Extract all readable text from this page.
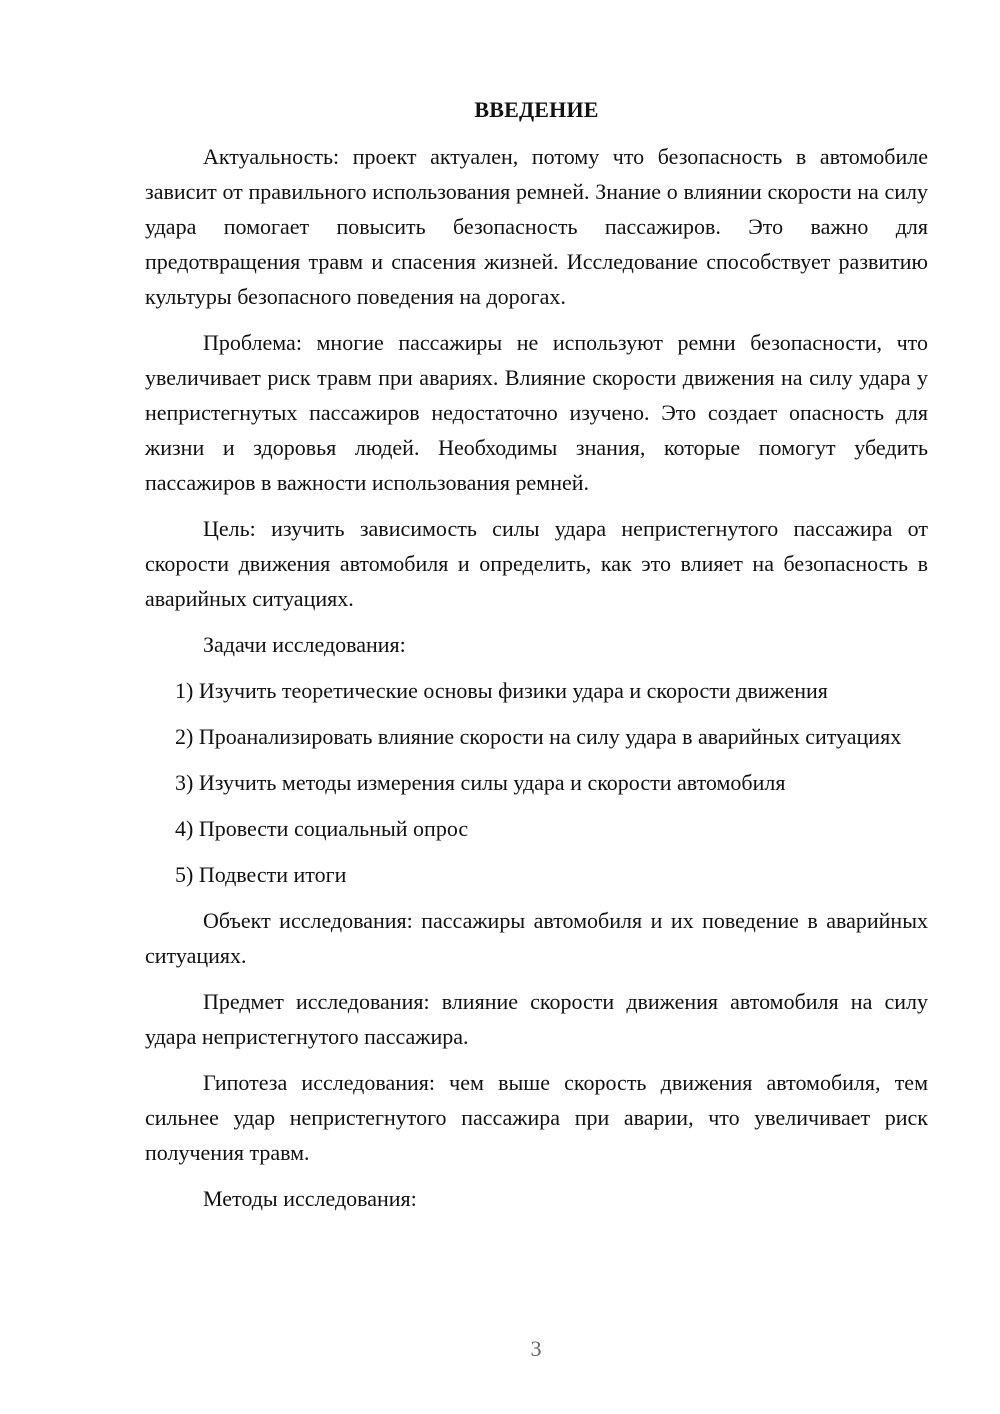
ВВЕДЕНИЕ

Актуальность: проект актуален, потому что безопасность в автомобиле зависит от правильного использования ремней. Знание о влиянии скорости на силу удара помогает повысить безопасность пассажиров. Это важно для предотвращения травм и спасения жизней. Исследование способствует развитию культуры безопасного поведения на дорогах.

Проблема: многие пассажиры не используют ремни безопасности, что увеличивает риск травм при авариях. Влияние скорости движения на силу удара у непристегнутых пассажиров недостаточно изучено. Это создает опасность для жизни и здоровья людей. Необходимы знания, которые помогут убедить пассажиров в важности использования ремней.

Цель: изучить зависимость силы удара непристегнутого пассажира от скорости движения автомобиля и определить, как это влияет на безопасность в аварийных ситуациях.

Задачи исследования:

1) Изучить теоретические основы физики удара и скорости движения

2) Проанализировать влияние скорости на силу удара в аварийных ситуациях

3) Изучить методы измерения силы удара и скорости автомобиля

4) Провести социальный опрос

5) Подвести итоги

Объект исследования: пассажиры автомобиля и их поведение в аварийных ситуациях.

Предмет исследования: влияние скорости движения автомобиля на силу удара непристегнутого пассажира.

Гипотеза исследования: чем выше скорость движения автомобиля, тем сильнее удар непристегнутого пассажира при аварии, что увеличивает риск получения травм.

Методы исследования:

3
